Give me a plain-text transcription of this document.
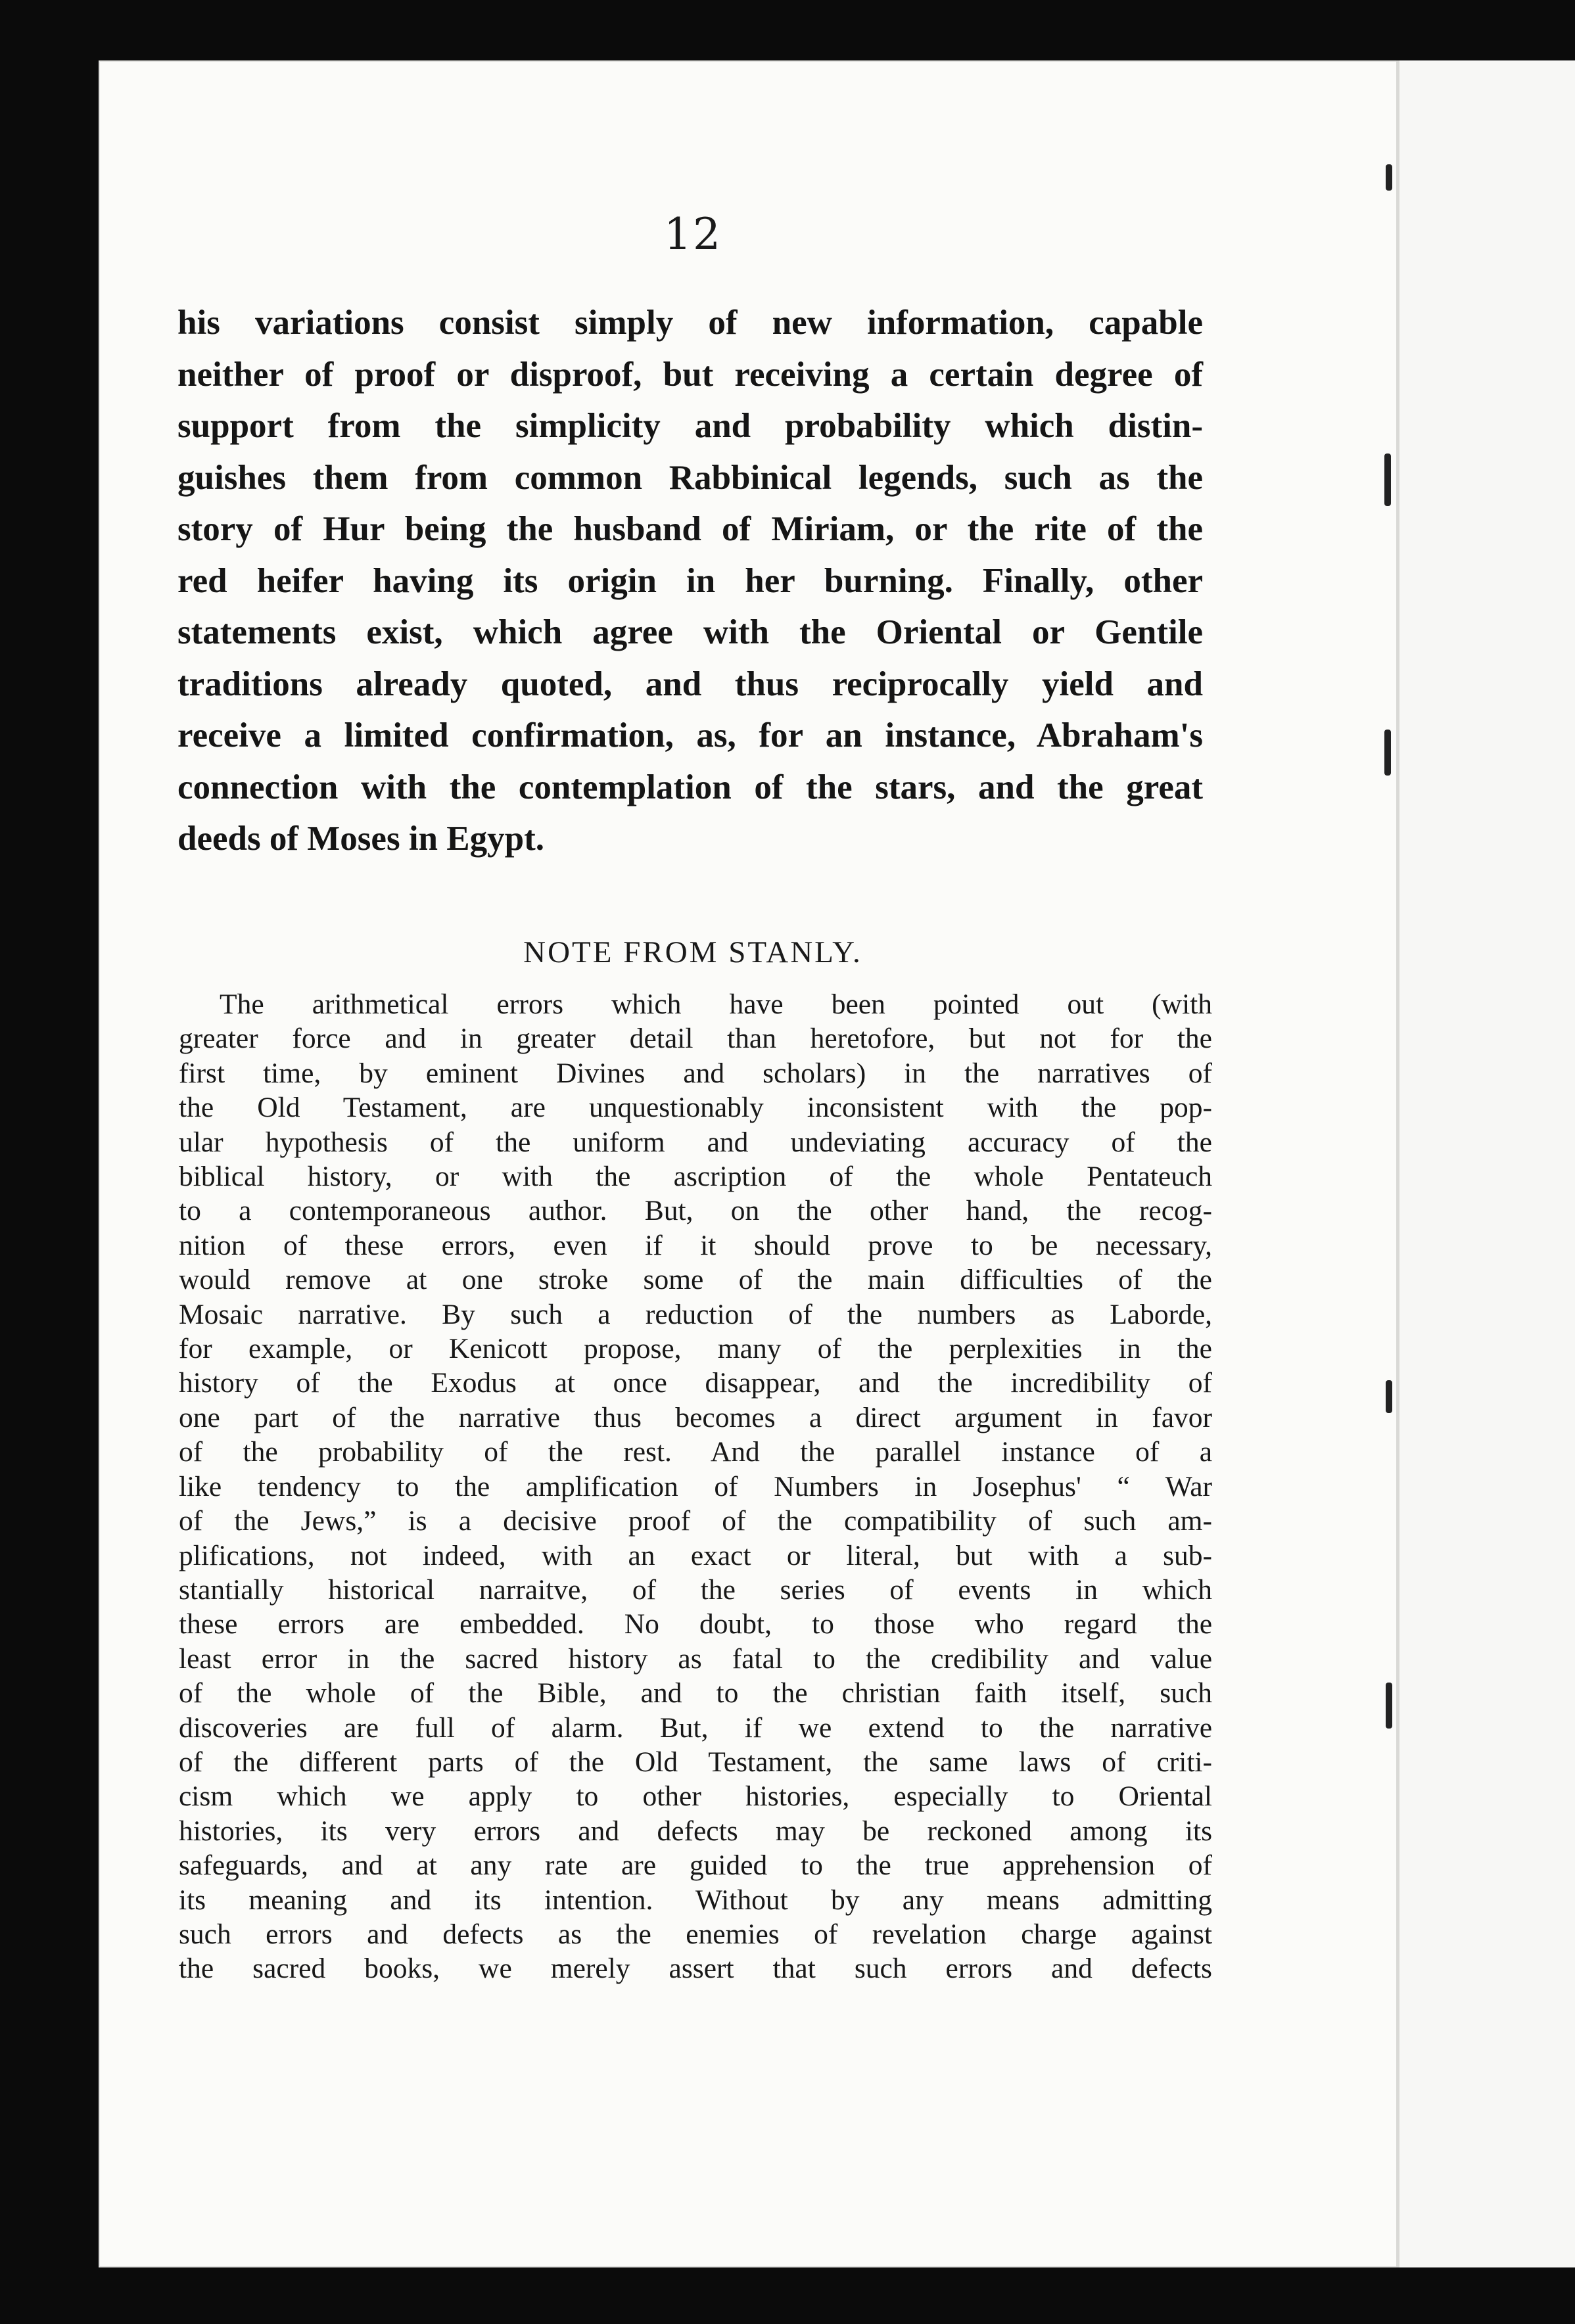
12
his variations consist simply of new information, capable
neither of proof or disproof, but receiving a certain degree of
support from the simplicity and probability which distin-
guishes them from common Rabbinical legends, such as the
story of Hur being the husband of Miriam, or the rite of the
red heifer having its origin in her burning. Finally, other
statements exist, which agree with the Oriental or Gentile
traditions already quoted, and thus reciprocally yield and
receive a limited confirmation, as, for an instance, Abraham's
connection with the contemplation of the stars, and the great
deeds of Moses in Egypt.
NOTE FROM STANLY.
The arithmetical errors which have been pointed out (with
greater force and in greater detail than heretofore, but not for the
first time, by eminent Divines and scholars) in the narratives of
the Old Testament, are unquestionably inconsistent with the pop-
ular hypothesis of the uniform and undeviating accuracy of the
biblical history, or with the ascription of the whole Pentateuch
to a contemporaneous author. But, on the other hand, the recog-
nition of these errors, even if it should prove to be necessary,
would remove at one stroke some of the main difficulties of the
Mosaic narrative. By such a reduction of the numbers as Laborde,
for example, or Kenicott propose, many of the perplexities in the
history of the Exodus at once disappear, and the incredibility of
one part of the narrative thus becomes a direct argument in favor
of the probability of the rest. And the parallel instance of a
like tendency to the amplification of Numbers in Josephus' “ War
of the Jews,” is a decisive proof of the compatibility of such am-
plifications, not indeed, with an exact or literal, but with a sub-
stantially historical narraitve, of the series of events in which
these errors are embedded. No doubt, to those who regard the
least error in the sacred history as fatal to the credibility and value
of the whole of the Bible, and to the christian faith itself, such
discoveries are full of alarm. But, if we extend to the narrative
of the different parts of the Old Testament, the same laws of criti-
cism which we apply to other histories, especially to Oriental
histories, its very errors and defects may be reckoned among its
safeguards, and at any rate are guided to the true apprehension of
its meaning and its intention. Without by any means admitting
such errors and defects as the enemies of revelation charge against
the sacred books, we merely assert that such errors and defects
